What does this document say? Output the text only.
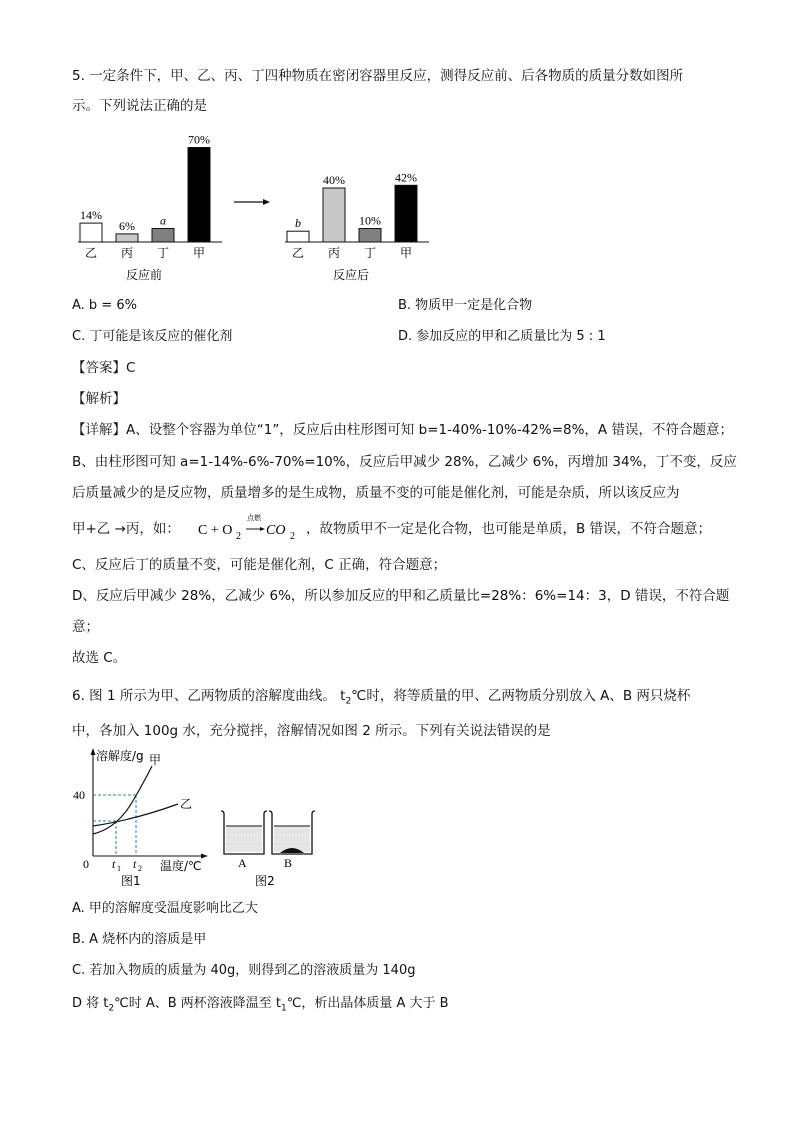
5. 一定条件下，甲、乙、丙、丁四种物质在密闭容器里反应，测得反应前、后各物质的质量分数如图所
示。下列说法正确的是
14%
乙
6%
丙
a
丁
70%
甲
反应前
b
乙
40%
丙
10%
丁
42%
甲
反应后
A. b = 6%	B. 物质甲一定是化合物
C. 丁可能是该反应的催化剂	D. 参加反应的甲和乙质量比为 5 : 1
【答案】C
【解析】
【详解】A、设整个容器为单位“1”，反应后由柱形图可知 b=1-40%-10%-42%=8%，A 错误，不符合题意；
B、由柱形图可知 a=1-14%-6%-70%=10%，反应后甲减少 28%，乙减少 6%，丙增加 34%，丁不变，反应
后质量减少的是反应物，质量增多的是生成物，质量不变的可能是催化剂，可能是杂质，所以该反应为
甲+乙 →丙，如： C + O 2
点燃
CO 2 ，故物质甲不一定是化合物，也可能是单质，B 错误，不符合题意；
C、反应后丁的质量不变，可能是催化剂，C 正确，符合题意；
D、反应后甲减少 28%，乙减少 6%，所以参加反应的甲和乙质量比=28%：6%=14：3，D 错误，不符合题
意；
故选 C。
6. 图 1 所示为甲、乙两物质的溶解度曲线。 $t_2℃$时，将等质量的甲、乙两物质分别放入 A、B 两只烧杯
中，各加入 100g 水，充分搅拌，溶解情况如图 2 所示。下列有关说法错误的是
溶解度/g
温度/℃
40
0 t 1 t 2
甲
乙
图1
A	B
图2
A. 甲的溶解度受温度影响比乙大
B. A 烧杯内的溶质是甲
C. 若加入物质的质量为 40g，则得到乙的溶液质量为 140g
D 将 $t_2℃$时 A、B 两杯溶液降温至 $t_1℃$，析出晶体质量 A 大于 B
